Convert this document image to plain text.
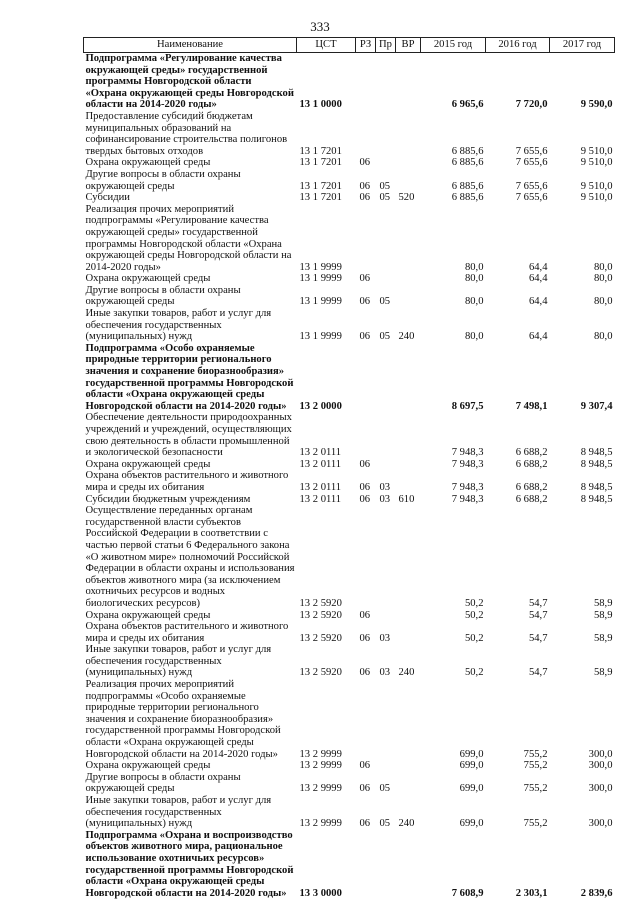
333
Наименование	ЦСТ	РЗ	Пр	ВР	2015 год	2016 год	2017 год
Подпрограмма «Регулирование качества окружающей среды» государственной программы Новгородской области «Охрана окружающей среды Новгородской области на 2014-2020 годы»	13 1 0000				6 965,6	7 720,0	9 590,0
Предоставление субсидий бюджетам муниципальных образований на софинансирование строительства полигонов твердых бытовых отходов	13 1 7201				6 885,6	7 655,6	9 510,0
Охрана окружающей среды	13 1 7201	06			6 885,6	7 655,6	9 510,0
Другие вопросы в области охраны окружающей среды	13 1 7201	06	05		6 885,6	7 655,6	9 510,0
Субсидии	13 1 7201	06	05	520	6 885,6	7 655,6	9 510,0
Реализация прочих мероприятий подпрограммы «Регулирование качества окружающей среды» государственной программы Новгородской области «Охрана окружающей среды Новгородской области на 2014-2020 годы»	13 1 9999				80,0	64,4	80,0
Охрана окружающей среды	13 1 9999	06			80,0	64,4	80,0
Другие вопросы в области охраны окружающей среды	13 1 9999	06	05		80,0	64,4	80,0
Иные закупки товаров, работ и услуг для обеспечения государственных (муниципальных) нужд	13 1 9999	06	05	240	80,0	64,4	80,0
Подпрограмма «Особо охраняемые природные территории регионального значения и сохранение биоразнообразия» государственной программы Новгородской области «Охрана окружающей среды Новгородской области на 2014-2020 годы»	13 2 0000				8 697,5	7 498,1	9 307,4
Обеспечение деятельности природоохранных учреждений и учреждений, осуществляющих свою деятельность в области промышленной и экологической безопасности	13 2 0111				7 948,3	6 688,2	8 948,5
Охрана окружающей среды	13 2 0111	06			7 948,3	6 688,2	8 948,5
Охрана объектов растительного и животного мира и среды их обитания	13 2 0111	06	03		7 948,3	6 688,2	8 948,5
Субсидии бюджетным учреждениям	13 2 0111	06	03	610	7 948,3	6 688,2	8 948,5
Осуществление переданных органам государственной власти субъектов Российской Федерации в соответствии с частью первой статьи 6 Федерального закона «О животном мире» полномочий Российской Федерации в области охраны и использования объектов животного мира (за исключением охотничьих ресурсов и водных биологических ресурсов)	13 2 5920				50,2	54,7	58,9
Охрана окружающей среды	13 2 5920	06			50,2	54,7	58,9
Охрана объектов растительного и животного мира и среды их обитания	13 2 5920	06	03		50,2	54,7	58,9
Иные закупки товаров, работ и услуг для обеспечения государственных (муниципальных) нужд	13 2 5920	06	03	240	50,2	54,7	58,9
Реализация прочих мероприятий подпрограммы «Особо охраняемые природные территории регионального значения и сохранение биоразнообразия» государственной программы Новгородской области «Охрана окружающей среды Новгородской области на 2014-2020 годы»	13 2 9999				699,0	755,2	300,0
Охрана окружающей среды	13 2 9999	06			699,0	755,2	300,0
Другие вопросы в области охраны окружающей среды	13 2 9999	06	05		699,0	755,2	300,0
Иные закупки товаров, работ и услуг для обеспечения государственных (муниципальных) нужд	13 2 9999	06	05	240	699,0	755,2	300,0
Подпрограмма «Охрана и воспроизводство объектов животного мира, рациональное использование охотничьих ресурсов» государственной программы Новгородской области «Охрана окружающей среды Новгородской области на 2014-2020 годы»	13 3 0000				7 608,9	2 303,1	2 839,6
